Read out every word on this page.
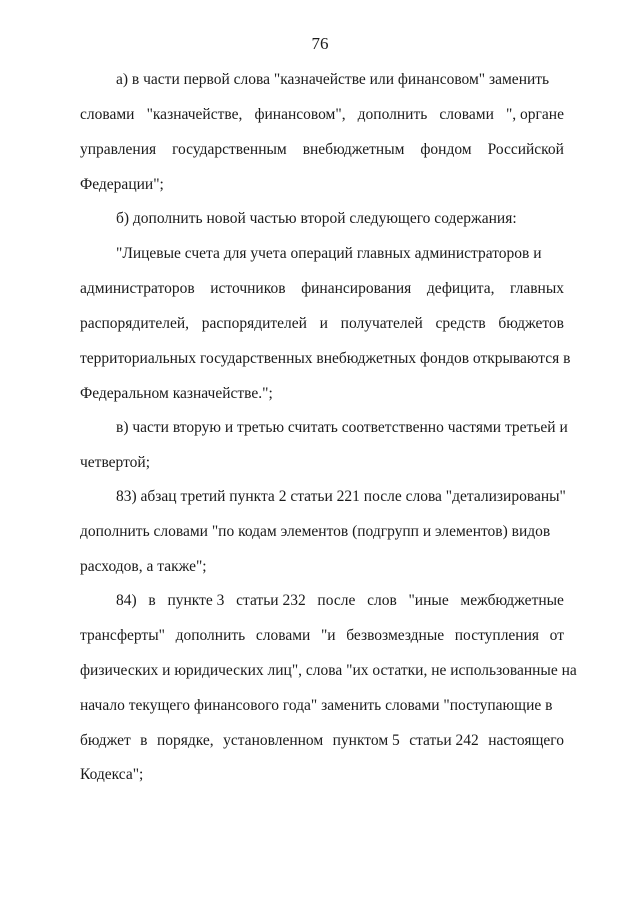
76
а) в части первой слова "казначействе или финансовом" заменить
словами "казначействе, финансовом", дополнить словами ", органе
управления государственным внебюджетным фондом Российской
Федерации";
б) дополнить новой частью второй следующего содержания:
"Лицевые счета для учета операций главных администраторов и
администраторов источников финансирования дефицита, главных
распорядителей, распорядителей и получателей средств бюджетов
территориальных государственных внебюджетных фондов открываются в
Федеральном казначействе.";
в) части вторую и третью считать соответственно частями третьей и
четвертой;
83) абзац третий пункта 2 статьи 221 после слова "детализированы"
дополнить словами "по кодам элементов (подгрупп и элементов) видов
расходов, а также";
84) в пункте 3 статьи 232 после слов "иные межбюджетные
трансферты" дополнить словами "и безвозмездные поступления от
физических и юридических лиц", слова "их остатки, не использованные на
начало текущего финансового года" заменить словами "поступающие в
бюджет в порядке, установленном пунктом 5 статьи 242 настоящего
Кодекса";
